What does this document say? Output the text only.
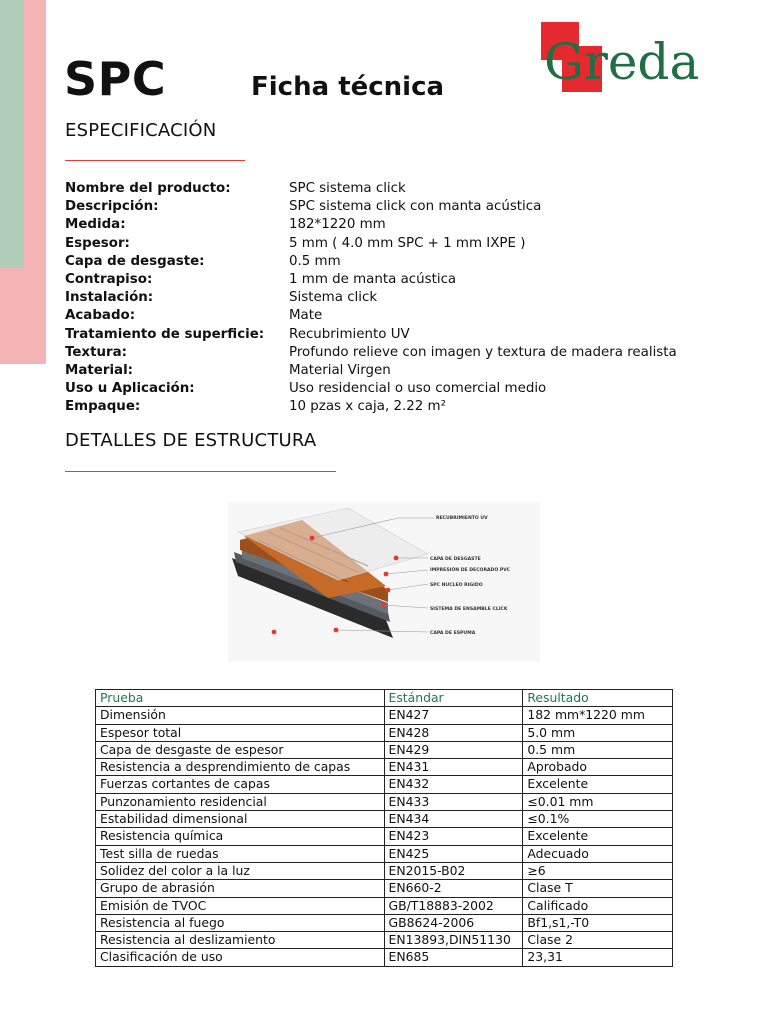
SPC	Ficha técnica Greda
ESPECIFICACIÓN
Nombre del producto:	SPC sistema click
Descripción:	SPC sistema click con manta acústica
Medida:	182*1220 mm
Espesor:	5 mm ( 4.0 mm SPC + 1 mm IXPE )
Capa de desgaste:	0.5 mm
Contrapiso:	1 mm de manta acústica
Instalación:	Sistema click
Acabado:	Mate
Tratamiento de superficie: Recubrimiento UV
Textura:	Profundo relieve con imagen y textura de madera realista
Material:	Material Virgen
Uso u Aplicación:	Uso residencial o uso comercial medio
Empaque:	10 pzas x caja, 2.22 m²
DETALLES DE ESTRUCTURA
RECUBRIMIENTO UV
CAPA DE DESGASTE
IMPRESIÓN DE DECORADO PVC
SPC NUCLEO RIGIDO
SISTEMA DE ENSAMBLE CLICK
CAPA DE ESPUMA
Prueba	Estándar	Resultado
Dimensión	EN427	182 mm*1220 mm
Espesor total	EN428	5.0 mm
Capa de desgaste de espesor	EN429	0.5 mm
Resistencia a desprendimiento de capas	EN431	Aprobado
Fuerzas cortantes de capas	EN432	Excelente
Punzonamiento residencial	EN433	≤0.01 mm
Estabilidad dimensional	EN434	≤0.1%
Resistencia química	EN423	Excelente
Test silla de ruedas	EN425	Adecuado
Solidez del color a la luz	EN2015-B02	≥6
Grupo de abrasión	EN660-2	Clase T
Emisión de TVOC	GB/T18883-2002	Calificado
Resistencia al fuego	GB8624-2006	Bf1,s1,-T0
Resistencia al deslizamiento	EN13893,DIN51130	Clase 2
Clasificación de uso	EN685	23,31
